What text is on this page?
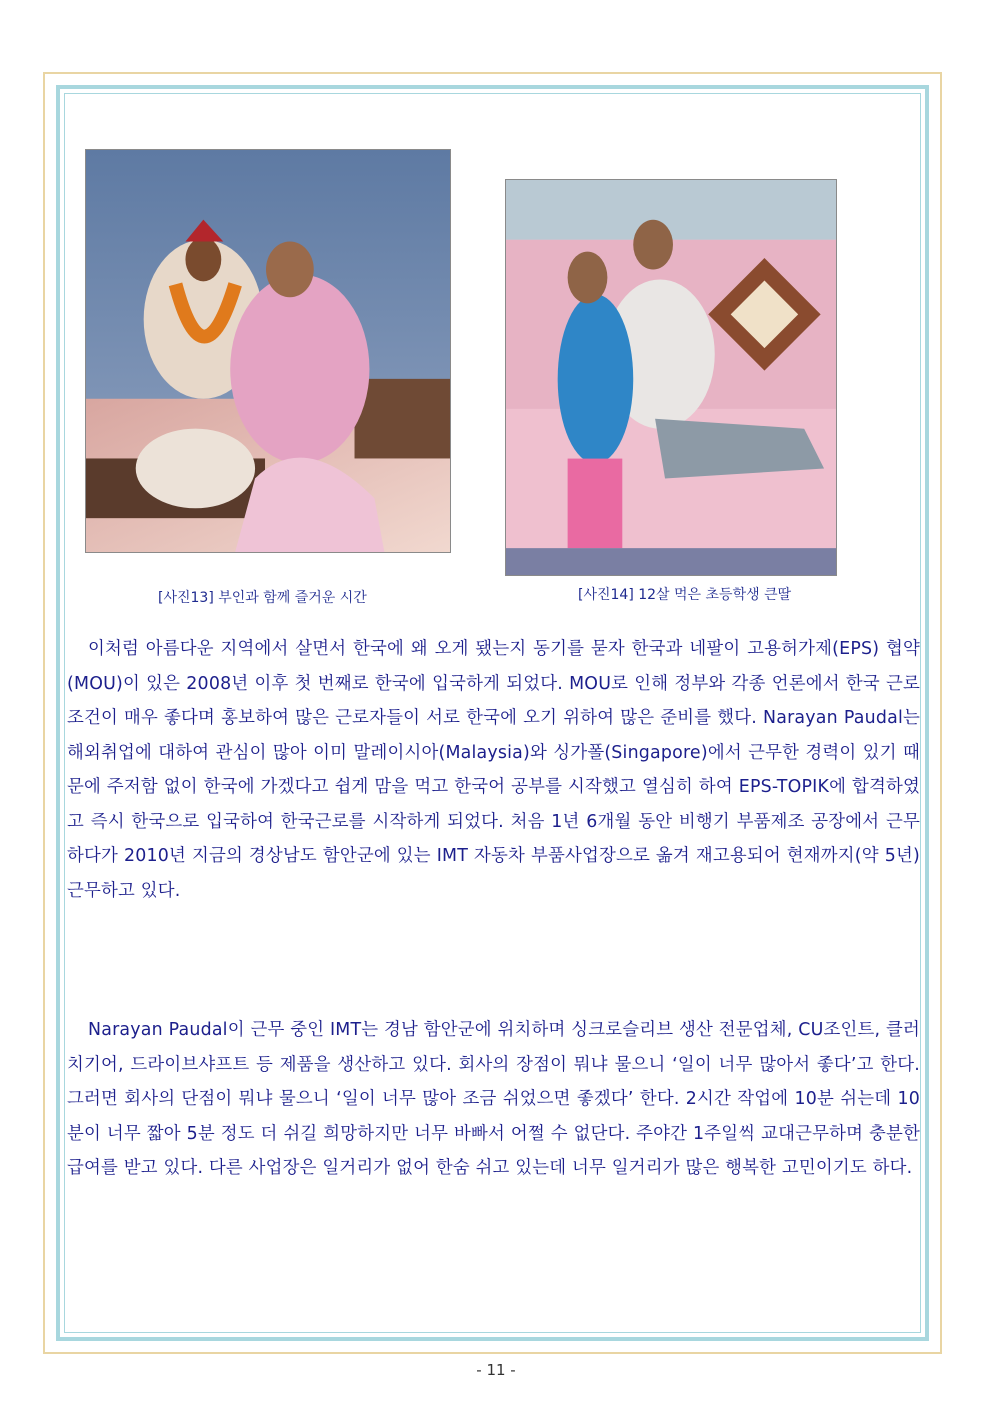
[사진13] 부인과 함께 즐거운 시간	[사진14] 12살 먹은 초등학생 큰딸

이처럼 아름다운 지역에서 살면서 한국에 왜 오게 됐는지 동기를 묻자 한국과 네팔이 고용허가제(EPS) 협약(MOU)이 있은 2008년 이후 첫 번째로 한국에 입국하게 되었다. MOU로 인해 정부와 각종 언론에서 한국 근로조건이 매우 좋다며 홍보하여 많은 근로자들이 서로 한국에 오기 위하여 많은 준비를 했다. Narayan Paudal는 해외취업에 대하여 관심이 많아 이미 말레이시아(Malaysia)와 싱가폴(Singapore)에서 근무한 경력이 있기 때문에 주저함 없이 한국에 가겠다고 쉽게 맘을 먹고 한국어 공부를 시작했고 열심히 하여 EPS-TOPIK에 합격하였고 즉시 한국으로 입국하여 한국근로를 시작하게 되었다. 처음 1년 6개월 동안 비행기 부품제조 공장에서 근무하다가 2010년 지금의 경상남도 함안군에 있는 IMT 자동차 부품사업장으로 옮겨 재고용되어 현재까지(약 5년) 근무하고 있다.

Narayan Paudal이 근무 중인 IMT는 경남 함안군에 위치하며 싱크로슬리브 생산 전문업체, CU조인트, 클러치기어, 드라이브샤프트 등 제품을 생산하고 있다. 회사의 장점이 뭐냐 물으니 ‘일이 너무 많아서 좋다’고 한다. 그러면 회사의 단점이 뭐냐 물으니 ‘일이 너무 많아 조금 쉬었으면 좋겠다’ 한다. 2시간 작업에 10분 쉬는데 10분이 너무 짧아 5분 정도 더 쉬길 희망하지만 너무 바빠서 어쩔 수 없단다. 주야간 1주일씩 교대근무하며 충분한 급여를 받고 있다. 다른 사업장은 일거리가 없어 한숨 쉬고 있는데 너무 일거리가 많은 행복한 고민이기도 하다.

- 11 -
